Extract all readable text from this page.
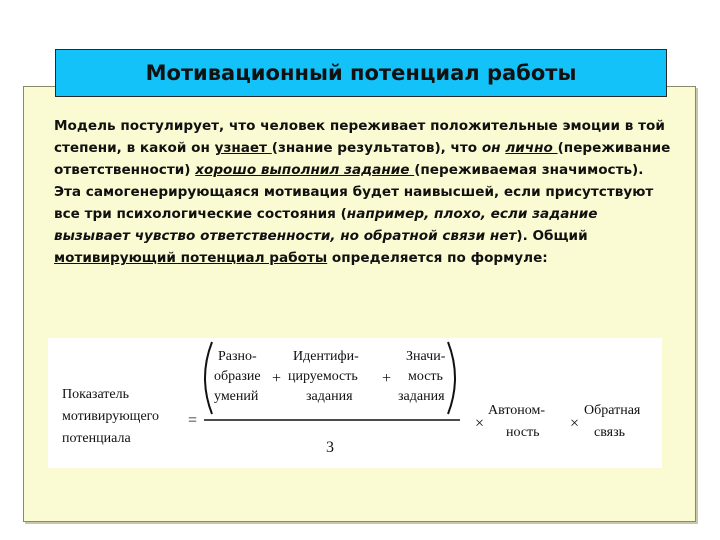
Мотивационный потенциал работы
Модель постулирует, что человек переживает положительные эмоции в той степени, в какой он узнает (знание результатов), что он лично (переживание ответственности) хорошо выполнил задание (переживаемая значимость). Эта самогенерирующаяся мотивация будет наивысшей, если присутствуют все три психологические состояния (например, плохо, если задание вызывает чувство ответственности, но обратной связи нет). Общий мотивирующий потенциал работы определяется по формуле:
Показатель
мотивирующего
потенциала
=
Разно-
образие
умений
+
Идентифи-
цируемость
задания
+
Значи-
мость
задания
3
×
Автоном-
ность
×
Обратная
связь
